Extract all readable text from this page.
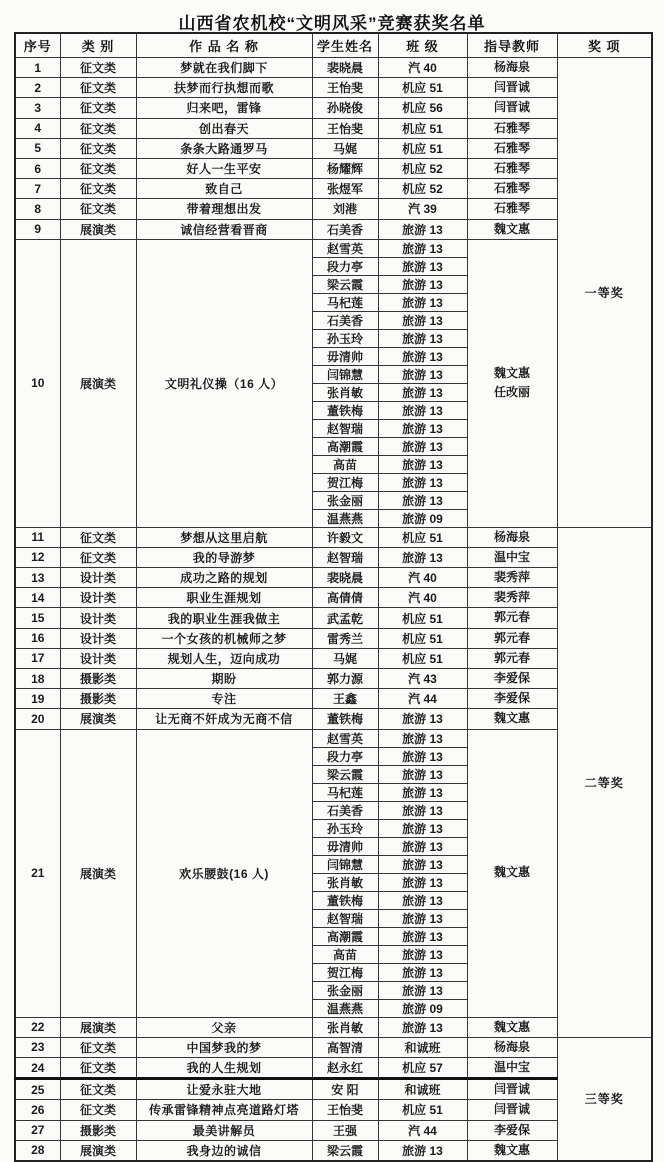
山西省农机校“文明风采”竞赛获奖名单
序号	类 别	作 品 名 称	学生姓名	班 级	指导教师	奖 项
1	征文类	梦就在我们脚下	裴晓晨	汽 40	杨海泉	一等奖
2	征文类	扶梦而行执想而歌	王怡斐	机应 51	闫晋诚	

3	征文类	归来吧，雷锋	孙晓俊	机应 56	闫晋诚	

4	征文类	创出春天	王怡斐	机应 51	石雅琴	

5	征文类	条条大路通罗马	马娓	机应 51	石雅琴	

6	征文类	好人一生平安	杨耀辉	机应 52	石雅琴	

7	征文类	致自己	张煜军	机应 52	石雅琴	

8	征文类	带着理想出发	刘港	汽 39	石雅琴	

9	展演类	诚信经营看晋商	石美香	旅游 13	魏文惠	

10	展演类	文明礼仪操（16 人）	赵雪英	旅游 13	魏文惠
任改丽	

			段力亭	旅游 13		
			梁云霞	旅游 13		
			马杞莲	旅游 13		
			石美香	旅游 13		
			孙玉玲	旅游 13		
			毋清帅	旅游 13		
			闫锦慧	旅游 13		
			张肖敏	旅游 13		
			董铁梅	旅游 13		
			赵智瑞	旅游 13		
			高潮霞	旅游 13		
			高苗	旅游 13		
			贺江梅	旅游 13		
			张金丽	旅游 13		
			温燕燕	旅游 09		
11	征文类	梦想从这里启航	许毅文	机应 51	杨海泉	二等奖
12	征文类	我的导游梦	赵智瑞	旅游 13	温中宝	

13	设计类	成功之路的规划	裴晓晨	汽 40	裴秀萍	

14	设计类	职业生涯规划	高倩倩	汽 40	裴秀萍	

15	设计类	我的职业生涯我做主	武孟乾	机应 51	郭元春	

16	设计类	一个女孩的机械师之梦	雷秀兰	机应 51	郭元春	

17	设计类	规划人生，迈向成功	马娓	机应 51	郭元春	

18	摄影类	期盼	郭力源	汽 43	李爱保	

19	摄影类	专注	王鑫	汽 44	李爱保	

20	展演类	让无商不奸成为无商不信	董铁梅	旅游 13	魏文惠	

21	展演类	欢乐腰鼓(16 人)	赵雪英	旅游 13	魏文惠	

			段力亭	旅游 13		
			梁云霞	旅游 13		
			马杞莲	旅游 13		
			石美香	旅游 13		
			孙玉玲	旅游 13		
			毋清帅	旅游 13		
			闫锦慧	旅游 13		
			张肖敏	旅游 13		
			董铁梅	旅游 13		
			赵智瑞	旅游 13		
			高潮霞	旅游 13		
			高苗	旅游 13		
			贺江梅	旅游 13		
			张金丽	旅游 13		
			温燕燕	旅游 09		
22	展演类	父亲	张肖敏	旅游 13	魏文惠	

23	征文类	中国梦我的梦	高智清	和诚班	杨海泉	三等奖
24	征文类	我的人生规划	赵永红	机应 57	温中宝	

25	征文类	让爱永驻大地	安 阳	和诚班	闫晋诚	

26	征文类	传承雷锋精神点亮道路灯塔	王怡斐	机应 51	闫晋诚	

27	摄影类	最美讲解员	王强	汽 44	李爱保	

28	展演类	我身边的诚信	梁云霞	旅游 13	魏文惠	
